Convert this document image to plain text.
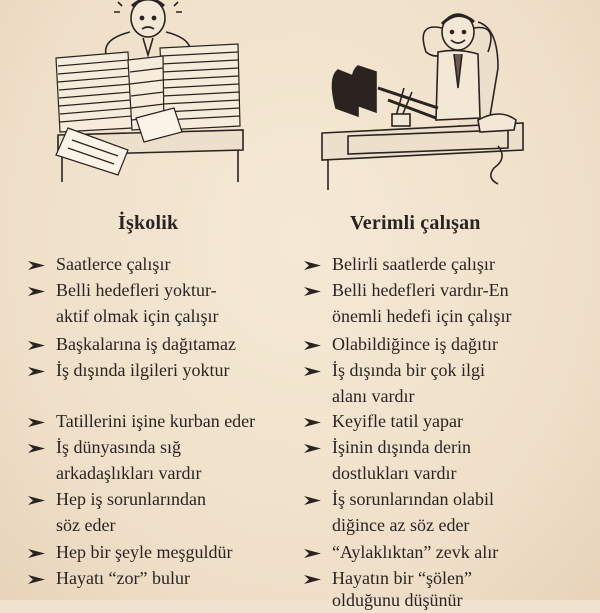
İşkolik	Verimli çalışan
Saatlerce çalışır
Belli hedefleri yoktur-
aktif olmak için çalışır
Başkalarına iş dağıtamaz
İş dışında ilgileri yoktur
Tatillerini işine kurban eder
İş dünyasında sığ
arkadaşlıkları vardır
Hep iş sorunlarından
söz eder
Hep bir şeyle meşguldür
Hayatı “zor” bulur
Belirli saatlerde çalışır
Belli hedefleri vardır-En
önemli hedefi için çalışır
Olabildiğince iş dağıtır
İş dışında bir çok ilgi
alanı vardır
Keyifle tatil yapar
İşinin dışında derin
dostlukları vardır
İş sorunlarından olabil
diğince az söz eder
“Aylaklıktan” zevk alır
Hayatın bir “şölen”
olduğunu düşünür
